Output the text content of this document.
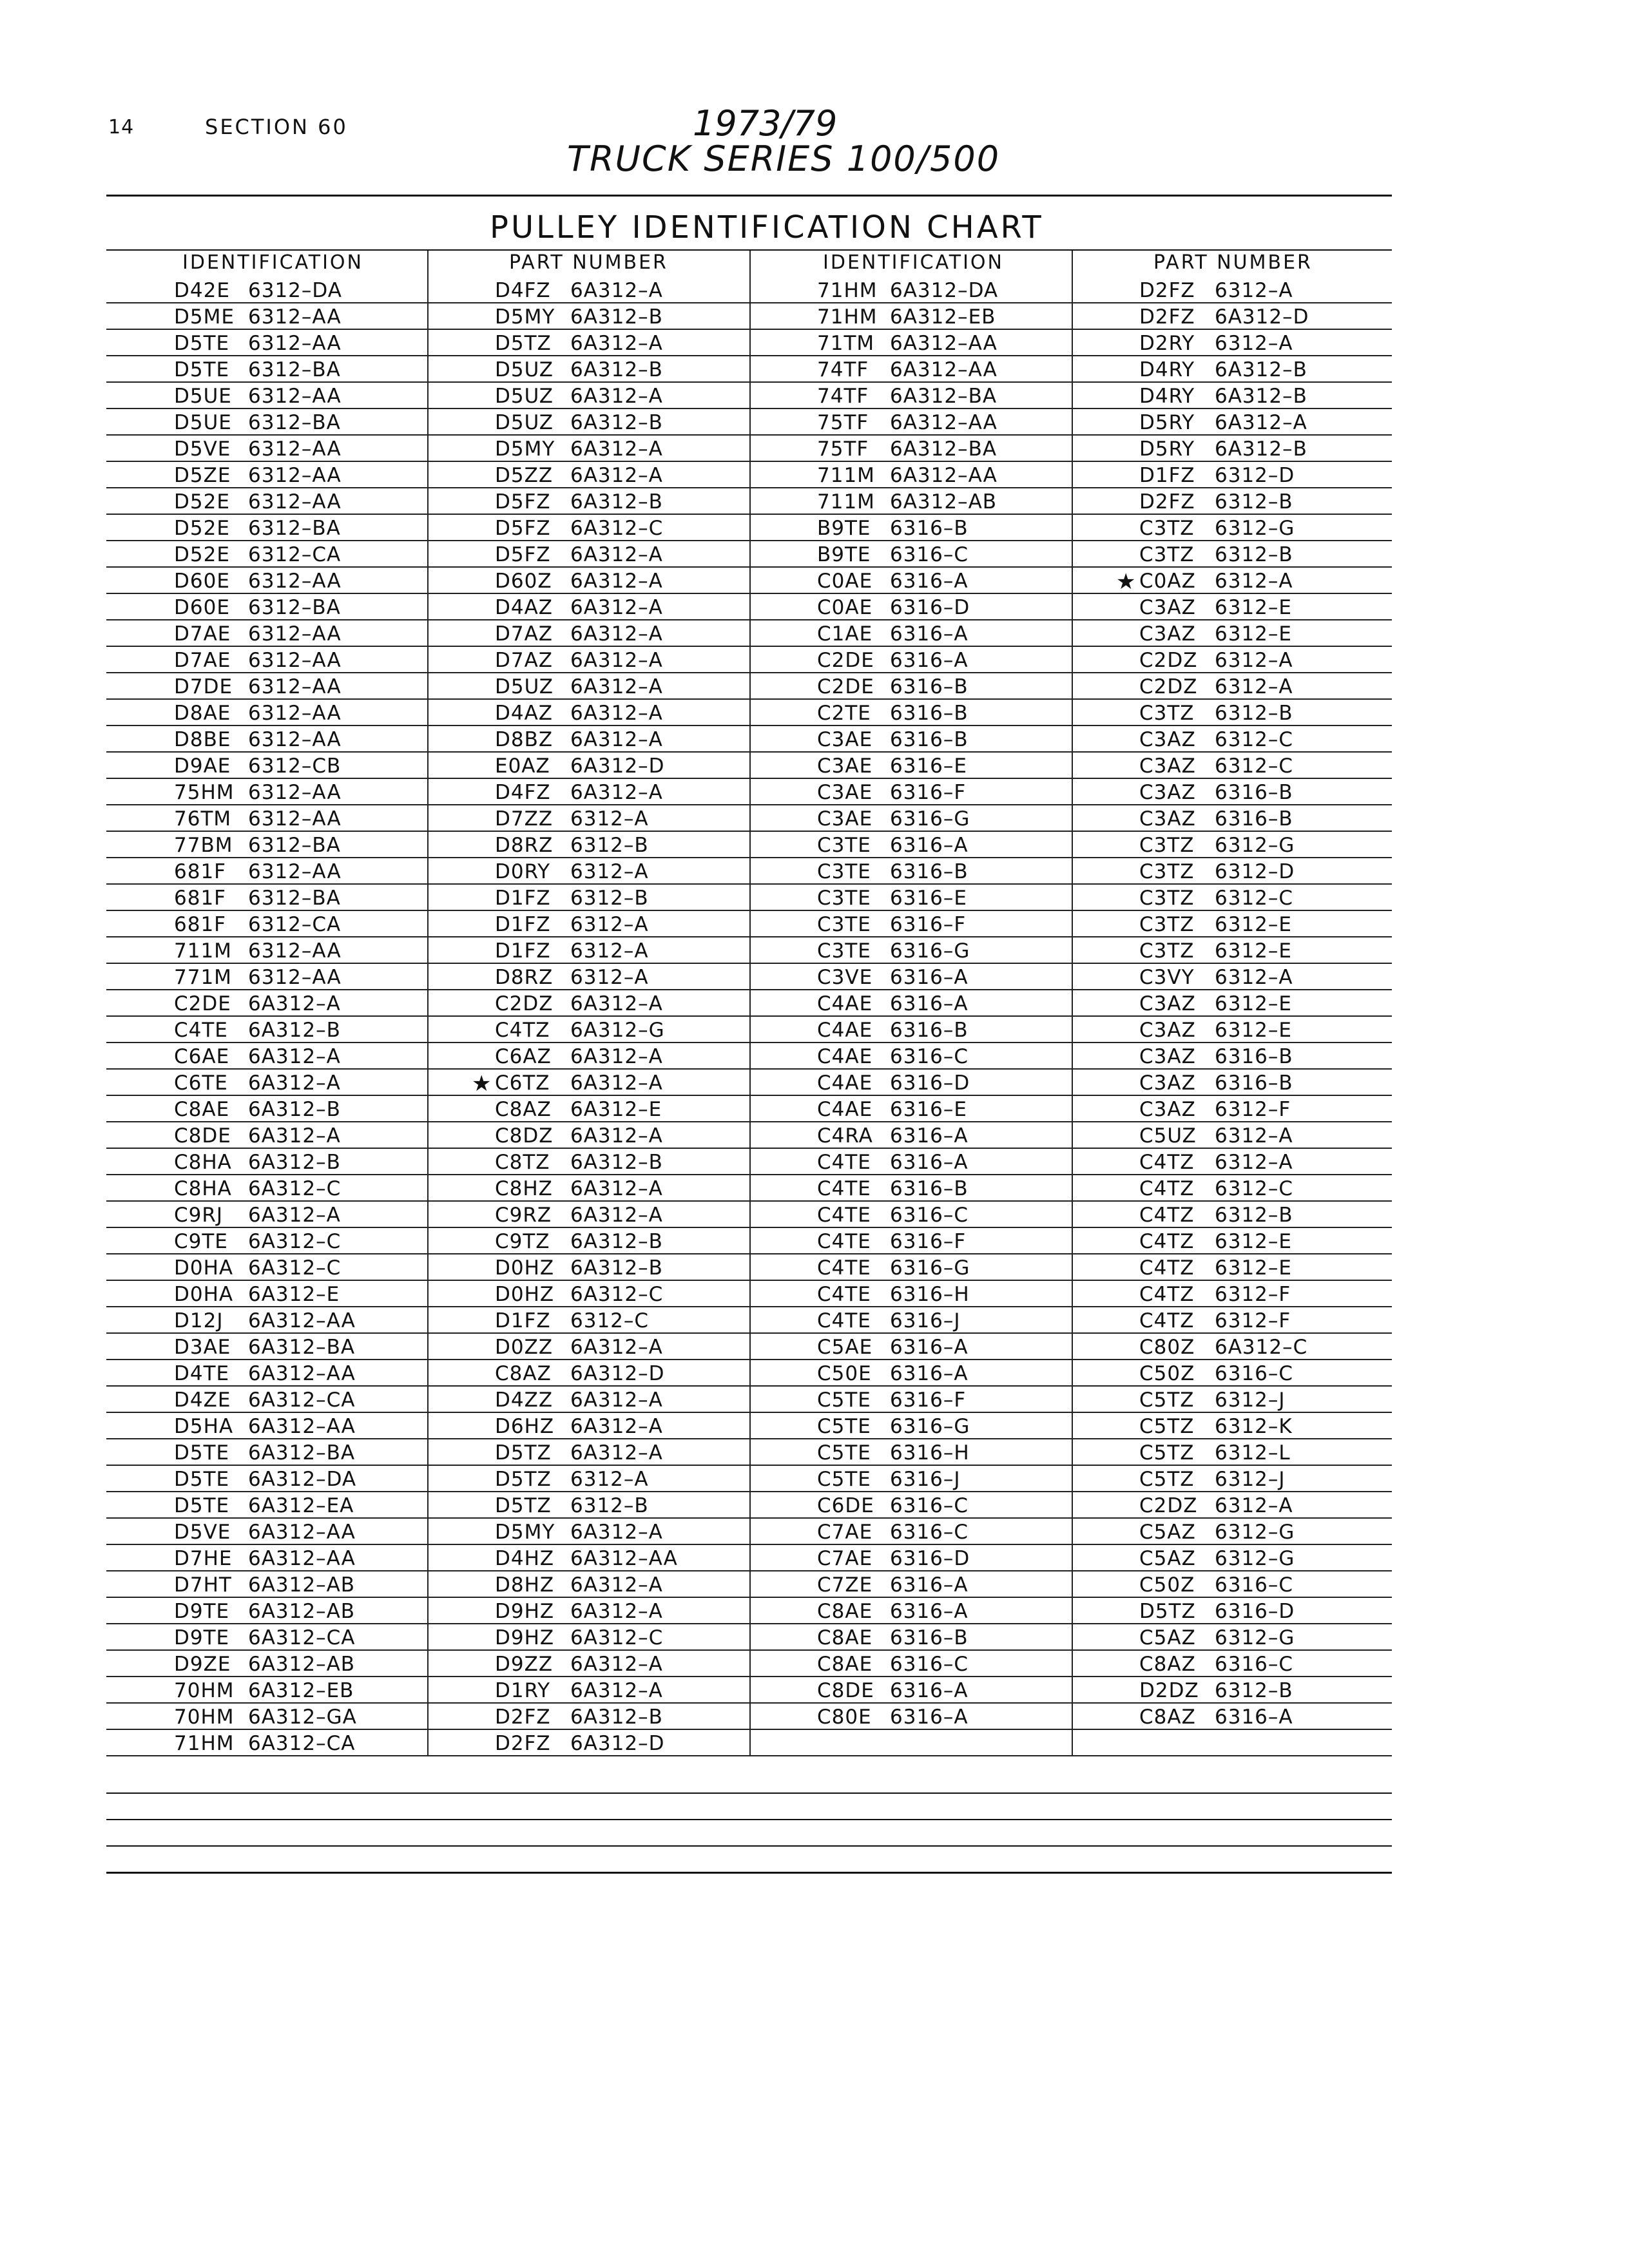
14	SECTION 60	1973/79
TRUCK SERIES 100/500
PULLEY IDENTIFICATION CHART
IDENTIFICATION
D42E 6312–DA
D5ME 6312–AA
D5TE 6312–AA
D5TE 6312–BA
D5UE 6312–AA
D5UE 6312–BA
D5VE 6312–AA
D5ZE 6312–AA
D52E 6312–AA
D52E 6312–BA
D52E 6312–CA
D60E 6312–AA
D60E 6312–BA
D7AE 6312–AA
D7AE 6312–AA
D7DE 6312–AA
D8AE 6312–AA
D8BE 6312–AA
D9AE 6312–CB
75HM 6312–AA
76TM 6312–AA
77BM 6312–BA
681F 6312–AA
681F 6312–BA
681F 6312–CA
711M 6312–AA
771M 6312–AA
C2DE 6A312–A
C4TE 6A312–B
C6AE 6A312–A
C6TE 6A312–A
C8AE 6A312–B
C8DE 6A312–A
C8HA 6A312–B
C8HA 6A312–C
C9RJ 6A312–A
C9TE 6A312–C
D0HA 6A312–C
D0HA 6A312–E
D12J 6A312–AA
D3AE 6A312–BA
D4TE 6A312–AA
D4ZE 6A312–CA
D5HA 6A312–AA
D5TE 6A312–BA
D5TE 6A312–DA
D5TE 6A312–EA
D5VE 6A312–AA
D7HE 6A312–AA
D7HT 6A312–AB
D9TE 6A312–AB
D9TE 6A312–CA
D9ZE 6A312–AB
70HM 6A312–EB
70HM 6A312–GA
71HM 6A312–CA
PART NUMBER
D4FZ 6A312–A
D5MY 6A312–B
D5TZ 6A312–A
D5UZ 6A312–B
D5UZ 6A312–A
D5UZ 6A312–B
D5MY 6A312–A
D5ZZ 6A312–A
D5FZ 6A312–B
D5FZ 6A312–C
D5FZ 6A312–A
D60Z 6A312–A
D4AZ 6A312–A
D7AZ 6A312–A
D7AZ 6A312–A
D5UZ 6A312–A
D4AZ 6A312–A
D8BZ 6A312–A
E0AZ 6A312–D
D4FZ 6A312–A
D7ZZ 6312–A
D8RZ 6312–B
D0RY 6312–A
D1FZ 6312–B
D1FZ 6312–A
D1FZ 6312–A
D8RZ 6312–A
C2DZ 6A312–A
C4TZ 6A312–G
C6AZ 6A312–A
★ C6TZ 6A312–A
C8AZ 6A312–E
C8DZ 6A312–A
C8TZ 6A312–B
C8HZ 6A312–A
C9RZ 6A312–A
C9TZ 6A312–B
D0HZ 6A312–B
D0HZ 6A312–C
D1FZ 6312–C
D0ZZ 6A312–A
C8AZ 6A312–D
D4ZZ 6A312–A
D6HZ 6A312–A
D5TZ 6A312–A
D5TZ 6312–A
D5TZ 6312–B
D5MY 6A312–A
D4HZ 6A312–AA
D8HZ 6A312–A
D9HZ 6A312–A
D9HZ 6A312–C
D9ZZ 6A312–A
D1RY 6A312–A
D2FZ 6A312–B
D2FZ 6A312–D
IDENTIFICATION
71HM 6A312–DA
71HM 6A312–EB
71TM 6A312–AA
74TF 6A312–AA
74TF 6A312–BA
75TF 6A312–AA
75TF 6A312–BA
711M 6A312–AA
711M 6A312–AB
B9TE 6316–B
B9TE 6316–C
C0AE 6316–A
C0AE 6316–D
C1AE 6316–A
C2DE 6316–A
C2DE 6316–B
C2TE 6316–B
C3AE 6316–B
C3AE 6316–E
C3AE 6316–F
C3AE 6316–G
C3TE 6316–A
C3TE 6316–B
C3TE 6316–E
C3TE 6316–F
C3TE 6316–G
C3VE 6316–A
C4AE 6316–A
C4AE 6316–B
C4AE 6316–C
C4AE 6316–D
C4AE 6316–E
C4RA 6316–A
C4TE 6316–A
C4TE 6316–B
C4TE 6316–C
C4TE 6316–F
C4TE 6316–G
C4TE 6316–H
C4TE 6316–J
C5AE 6316–A
C50E 6316–A
C5TE 6316–F
C5TE 6316–G
C5TE 6316–H
C5TE 6316–J
C6DE 6316–C
C7AE 6316–C
C7AE 6316–D
C7ZE 6316–A
C8AE 6316–A
C8AE 6316–B
C8AE 6316–C
C8DE 6316–A
C80E 6316–A
PART NUMBER
D2FZ 6312–A
D2FZ 6A312–D
D2RY 6312–A
D4RY 6A312–B
D4RY 6A312–B
D5RY 6A312–A
D5RY 6A312–B
D1FZ 6312–D
D2FZ 6312–B
C3TZ 6312–G
C3TZ 6312–B
★ C0AZ 6312–A
C3AZ 6312–E
C3AZ 6312–E
C2DZ 6312–A
C2DZ 6312–A
C3TZ 6312–B
C3AZ 6312–C
C3AZ 6312–C
C3AZ 6316–B
C3AZ 6316–B
C3TZ 6312–G
C3TZ 6312–D
C3TZ 6312–C
C3TZ 6312–E
C3TZ 6312–E
C3VY 6312–A
C3AZ 6312–E
C3AZ 6312–E
C3AZ 6316–B
C3AZ 6316–B
C3AZ 6312–F
C5UZ 6312–A
C4TZ 6312–A
C4TZ 6312–C
C4TZ 6312–B
C4TZ 6312–E
C4TZ 6312–E
C4TZ 6312–F
C4TZ 6312–F
C80Z 6A312–C
C50Z 6316–C
C5TZ 6312–J
C5TZ 6312–K
C5TZ 6312–L
C5TZ 6312–J
C2DZ 6312–A
C5AZ 6312–G
C5AZ 6312–G
C50Z 6316–C
D5TZ 6316–D
C5AZ 6312–G
C8AZ 6316–C
D2DZ 6312–B
C8AZ 6316–A
